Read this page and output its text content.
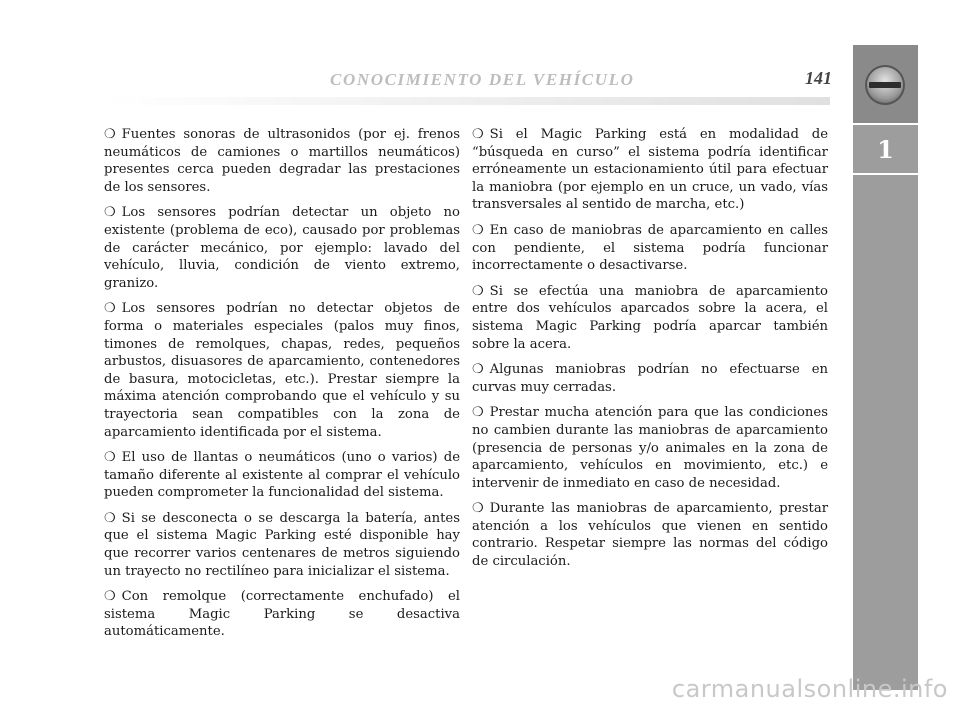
CONOCIMIENTO DEL VEHÍCULO	141
1

❍ Fuentes sonoras de ultrasonidos (por ej. frenos neumáticos de camiones o martillos neumáticos) presentes cerca pueden degradar las prestaciones de los sensores.

❍ Los sensores podrían detectar un objeto no existente (problema de eco), causado por problemas de carácter mecánico, por ejemplo: lavado del vehículo, lluvia, condición de viento extremo, granizo.

❍ Los sensores podrían no detectar objetos de forma o materiales especiales (palos muy finos, timones de remolques, chapas, redes, pequeños arbustos, disuasores de aparcamiento, contenedores de basura, motocicletas, etc.). Prestar siempre la máxima atención comprobando que el vehículo y su trayectoria sean compatibles con la zona de aparcamiento identificada por el sistema.

❍ El uso de llantas o neumáticos (uno o varios) de tamaño diferente al existente al comprar el vehículo pueden comprometer la funcionalidad del sistema.

❍ Si se desconecta o se descarga la batería, antes que el sistema Magic Parking esté disponible hay que recorrer varios centenares de metros siguiendo un trayecto no rectilíneo para inicializar el sistema.

❍ Con remolque (correctamente enchufado) el sistema Magic Parking se desactiva automáticamente.

❍ Si el Magic Parking está en modalidad de “búsqueda en curso” el sistema podría identificar erróneamente un estacionamiento útil para efectuar la maniobra (por ejemplo en un cruce, un vado, vías transversales al sentido de marcha, etc.)

❍ En caso de maniobras de aparcamiento en calles con pendiente, el sistema podría funcionar incorrectamente o desactivarse.

❍ Si se efectúa una maniobra de aparcamiento entre dos vehículos aparcados sobre la acera, el sistema Magic Parking podría aparcar también sobre la acera.

❍ Algunas maniobras podrían no efectuarse en curvas muy cerradas.

❍ Prestar mucha atención para que las condiciones no cambien durante las maniobras de aparcamiento (presencia de personas y/o animales en la zona de aparcamiento, vehículos en movimiento, etc.) e intervenir de inmediato en caso de necesidad.

❍ Durante las maniobras de aparcamiento, prestar atención a los vehículos que vienen en sentido contrario. Respetar siempre las normas del código de circulación.

carmanualsonline.info
